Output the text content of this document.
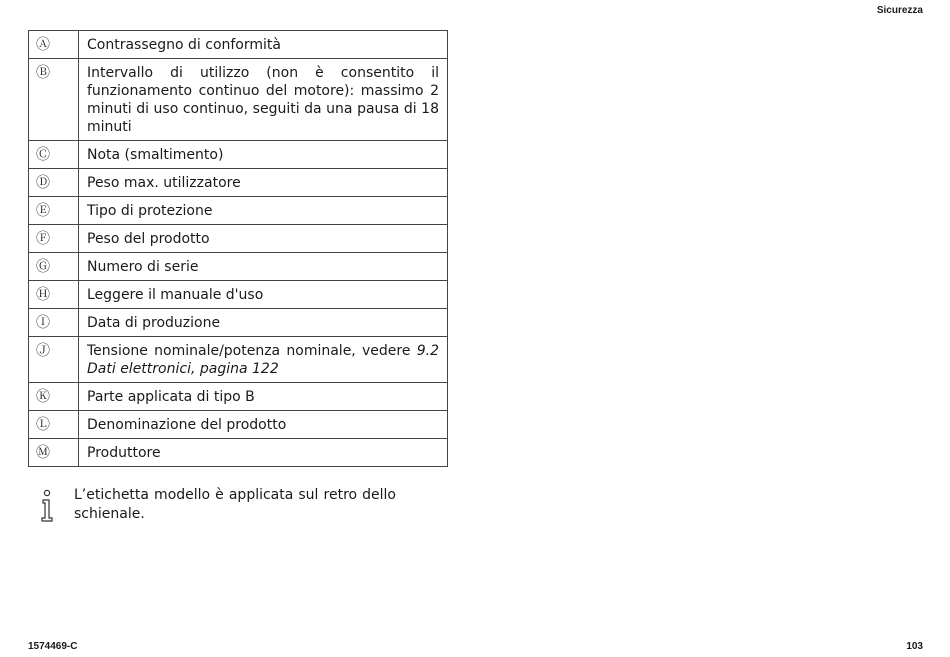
Sicurezza
Ⓐ	Contrassegno di conformità
Ⓑ	Intervallo di utilizzo (non è consentito il funzionamento continuo del motore): massimo 2 minuti di uso continuo, seguiti da una pausa di 18 minuti
Ⓒ	Nota (smaltimento)
Ⓓ	Peso max. utilizzatore
Ⓔ	Tipo di protezione
Ⓕ	Peso del prodotto
Ⓖ	Numero di serie
Ⓗ	Leggere il manuale d'uso
Ⓘ	Data di produzione
Ⓙ	Tensione nominale/potenza nominale, vedere 9.2 Dati elettronici, pagina 122
Ⓚ	Parte applicata di tipo B
Ⓛ	Denominazione del prodotto
Ⓜ	Produttore
L’etichetta modello è applicata sul retro dello schienale.
1574469-C	103
